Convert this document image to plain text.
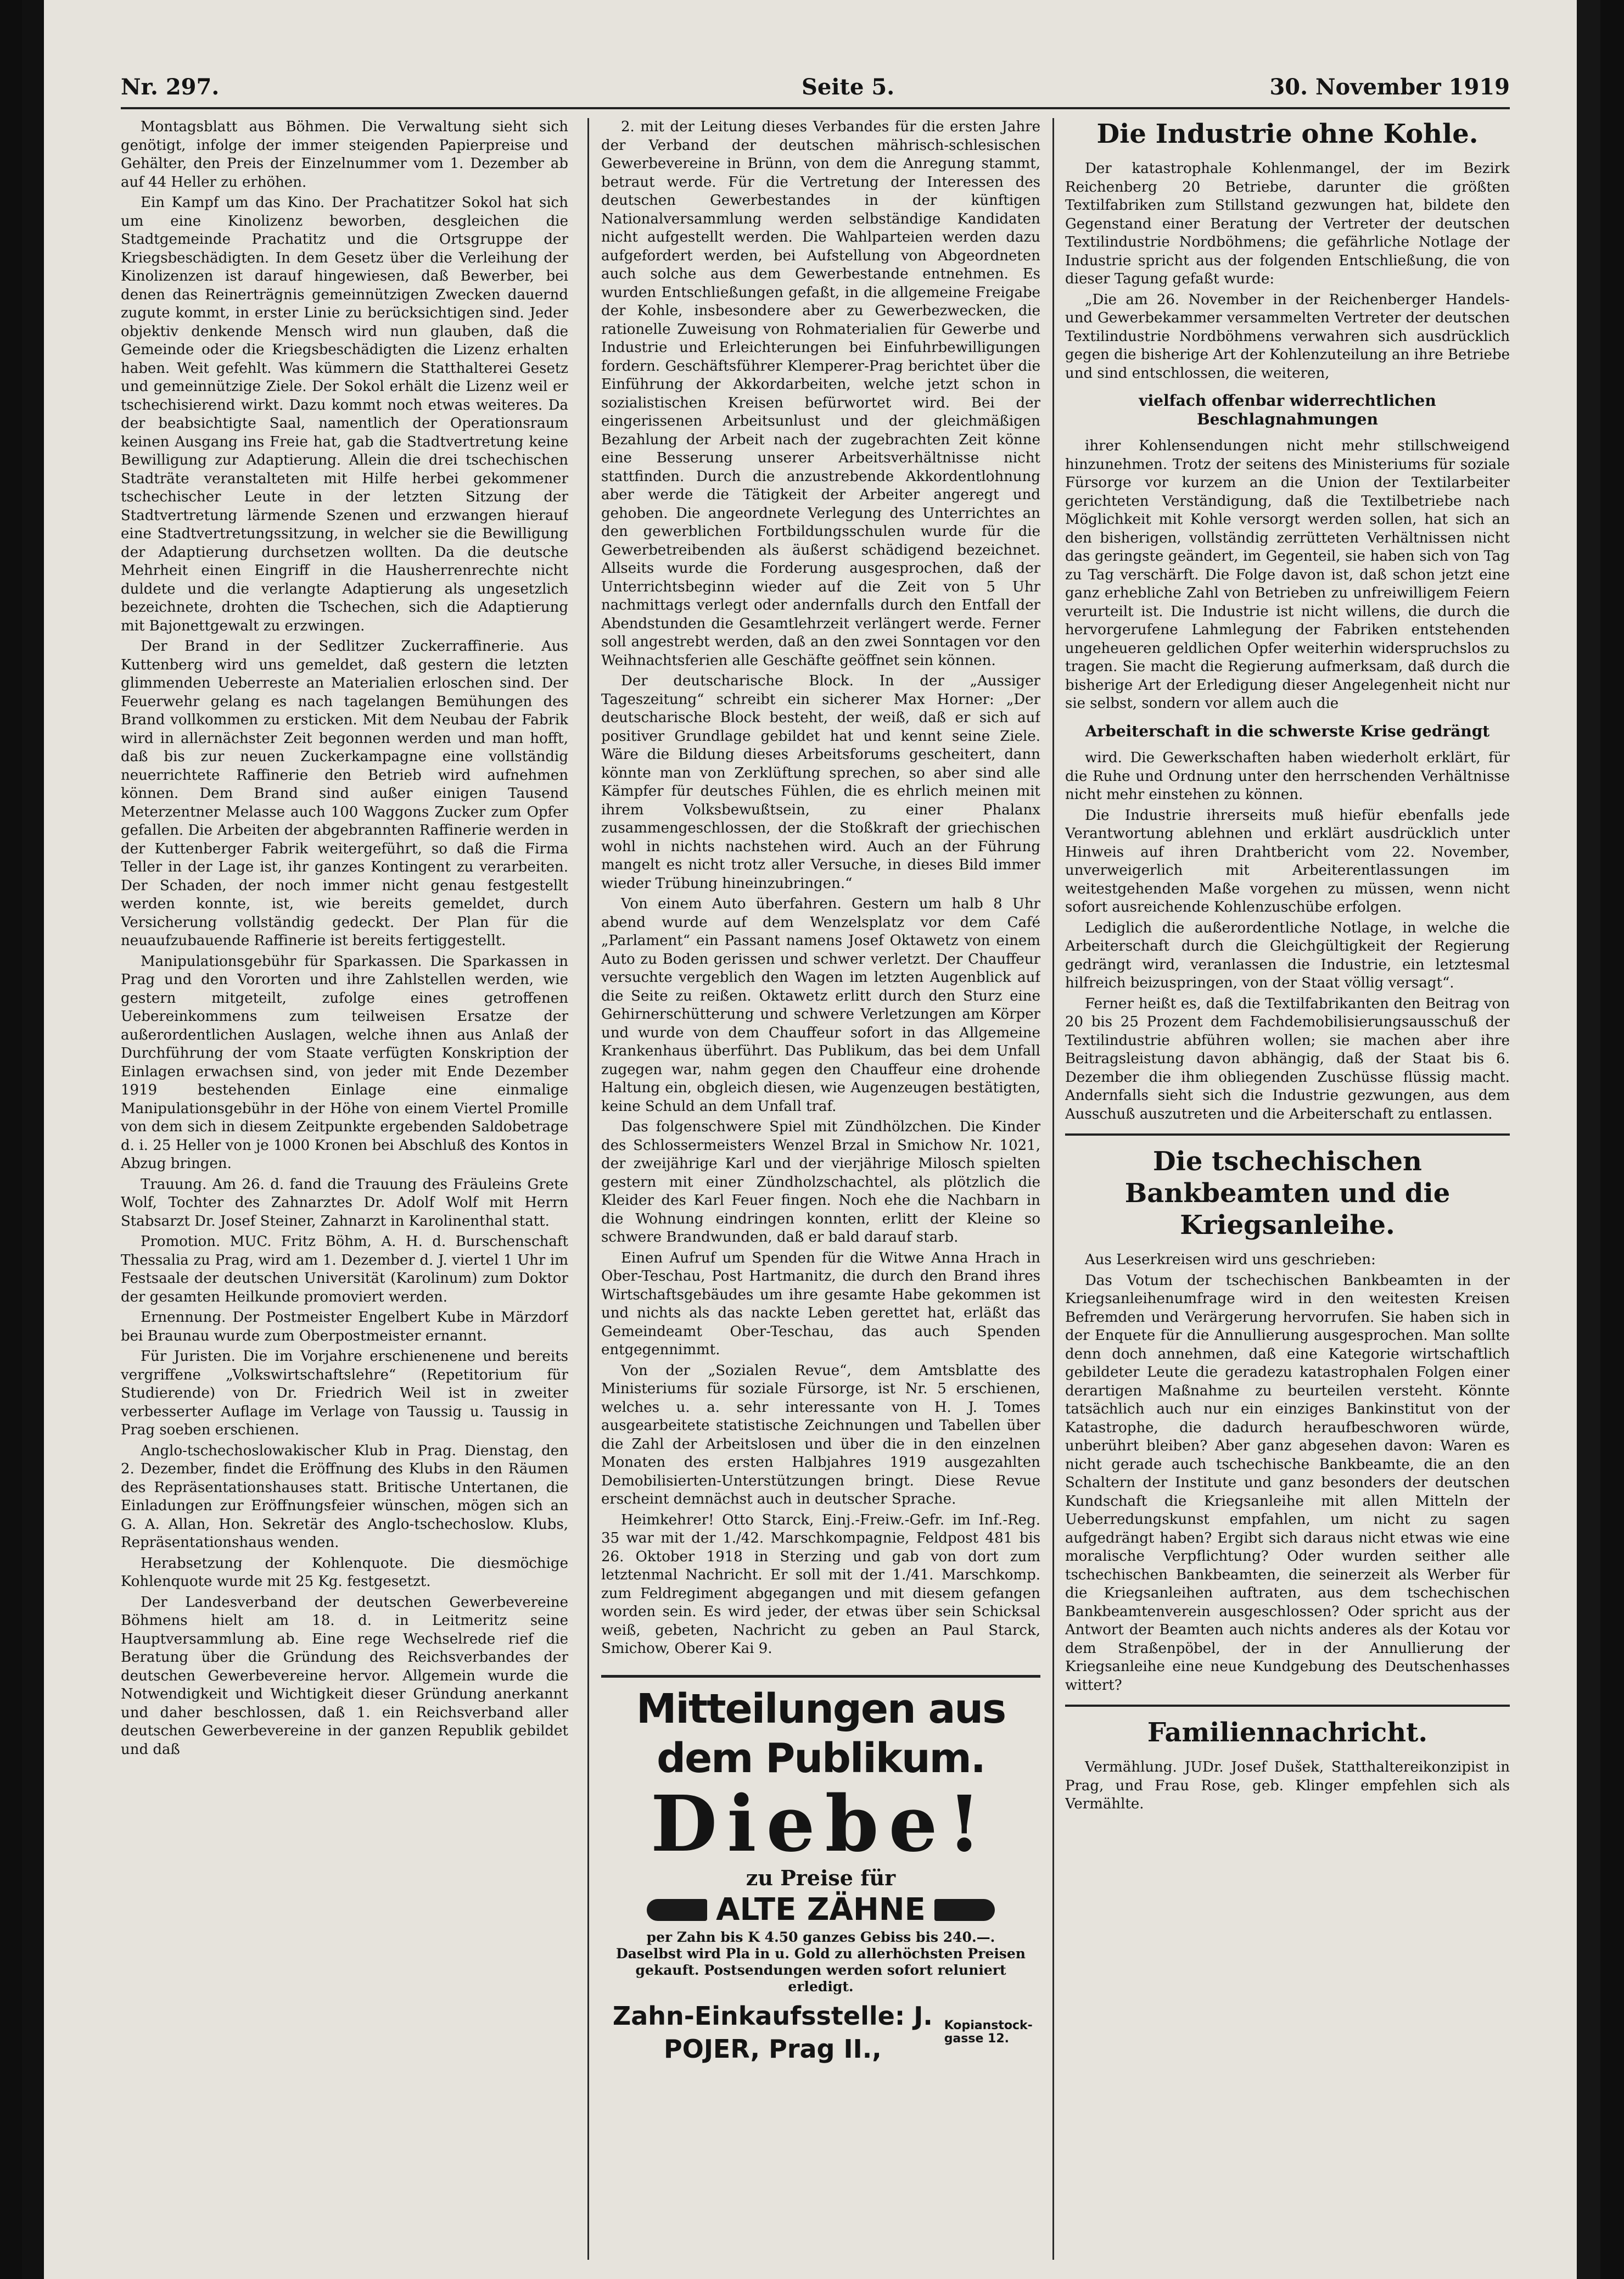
Nr. 297.	Seite 5.	30. November 1919

Montagsblatt aus Böhmen. Die Verwaltung sieht sich genötigt, infolge der immer steigenden Papierpreise und Gehälter, den Preis der Einzelnummer vom 1. Dezember ab auf 44 Heller zu erhöhen.

Ein Kampf um das Kino. Der Prachatitzer Sokol hat sich um eine Kinolizenz beworben, desgleichen die Stadtgemeinde Prachatitz und die Ortsgruppe der Kriegsbeschädigten. In dem Gesetz über die Verleihung der Kinolizenzen ist darauf hingewiesen, daß Bewerber, bei denen das Reinerträgnis gemeinnützigen Zwecken dauernd zugute kommt, in erster Linie zu berücksichtigen sind. Jeder objektiv denkende Mensch wird nun glauben, daß die Gemeinde oder die Kriegsbeschädigten die Lizenz erhalten haben. Weit gefehlt. Was kümmern die Statthalterei Gesetz und gemeinnützige Ziele. Der Sokol erhält die Lizenz weil er tschechisierend wirkt. Dazu kommt noch etwas weiteres. Da der beabsichtigte Saal, namentlich der Operationsraum keinen Ausgang ins Freie hat, gab die Stadtvertretung keine Bewilligung zur Adaptierung. Allein die drei tschechischen Stadträte veranstalteten mit Hilfe herbei gekommener tschechischer Leute in der letzten Sitzung der Stadtvertretung lärmende Szenen und erzwangen hierauf eine Stadtvertretungssitzung, in welcher sie die Bewilligung der Adaptierung durchsetzen wollten. Da die deutsche Mehrheit einen Eingriff in die Hausherrenrechte nicht duldete und die verlangte Adaptierung als ungesetzlich bezeichnete, drohten die Tschechen, sich die Adaptierung mit Bajonettgewalt zu erzwingen.

Der Brand in der Sedlitzer Zuckerraffinerie. Aus Kuttenberg wird uns gemeldet, daß gestern die letzten glimmenden Ueberreste an Materialien erloschen sind. Der Feuerwehr gelang es nach tagelangen Bemühungen des Brand vollkommen zu ersticken. Mit dem Neubau der Fabrik wird in allernächster Zeit begonnen werden und man hofft, daß bis zur neuen Zuckerkampagne eine vollständig neuerrichtete Raffinerie den Betrieb wird aufnehmen können. Dem Brand sind außer einigen Tausend Meterzentner Melasse auch 100 Waggons Zucker zum Opfer gefallen. Die Arbeiten der abgebrannten Raffinerie werden in der Kuttenberger Fabrik weitergeführt, so daß die Firma Teller in der Lage ist, ihr ganzes Kontingent zu verarbeiten. Der Schaden, der noch immer nicht genau festgestellt werden konnte, ist, wie bereits gemeldet, durch Versicherung vollständig gedeckt. Der Plan für die neuaufzubauende Raffinerie ist bereits fertiggestellt.

Manipulationsgebühr für Sparkassen. Die Sparkassen in Prag und den Vororten und ihre Zahlstellen werden, wie gestern mitgeteilt, zufolge eines getroffenen Uebereinkommens zum teilweisen Ersatze der außerordentlichen Auslagen, welche ihnen aus Anlaß der Durchführung der vom Staate verfügten Konskription der Einlagen erwachsen sind, von jeder mit Ende Dezember 1919 bestehenden Einlage eine einmalige Manipulationsgebühr in der Höhe von einem Viertel Promille von dem sich in diesem Zeitpunkte ergebenden Saldobetrage d. i. 25 Heller von je 1000 Kronen bei Abschluß des Kontos in Abzug bringen.

Trauung. Am 26. d. fand die Trauung des Fräuleins Grete Wolf, Tochter des Zahnarztes Dr. Adolf Wolf mit Herrn Stabsarzt Dr. Josef Steiner, Zahnarzt in Karolinenthal statt.

Promotion. MUC. Fritz Böhm, A. H. d. Burschenschaft Thessalia zu Prag, wird am 1. Dezember d. J. viertel 1 Uhr im Festsaale der deutschen Universität (Karolinum) zum Doktor der gesamten Heilkunde promoviert werden.

Ernennung. Der Postmeister Engelbert Kube in Märzdorf bei Braunau wurde zum Oberpostmeister ernannt.

Für Juristen. Die im Vorjahre erschienenene und bereits vergriffene „Volkswirtschaftslehre“ (Repetitorium für Studierende) von Dr. Friedrich Weil ist in zweiter verbesserter Auflage im Verlage von Taussig u. Taussig in Prag soeben erschienen.

Anglo-tschechoslowakischer Klub in Prag. Dienstag, den 2. Dezember, findet die Eröffnung des Klubs in den Räumen des Repräsentationshauses statt. Britische Untertanen, die Einladungen zur Eröffnungsfeier wünschen, mögen sich an G. A. Allan, Hon. Sekretär des Anglo-tschechoslow. Klubs, Repräsentationshaus wenden.

Herabsetzung der Kohlenquote. Die diesmöchige Kohlenquote wurde mit 25 Kg. festgesetzt.

Der Landesverband der deutschen Gewerbevereine Böhmens hielt am 18. d. in Leitmeritz seine Hauptversammlung ab. Eine rege Wechselrede rief die Beratung über die Gründung des Reichsverbandes der deutschen Gewerbevereine hervor. Allgemein wurde die Notwendigkeit und Wichtigkeit dieser Gründung anerkannt und daher beschlossen, daß 1. ein Reichsverband aller deutschen Gewerbevereine in der ganzen Republik gebildet und daß

2. mit der Leitung dieses Verbandes für die ersten Jahre der Verband der deutschen mährisch-schlesischen Gewerbevereine in Brünn, von dem die Anregung stammt, betraut werde. Für die Vertretung der Interessen des deutschen Gewerbestandes in der künftigen Nationalversammlung werden selbständige Kandidaten nicht aufgestellt werden. Die Wahlparteien werden dazu aufgefordert werden, bei Aufstellung von Abgeordneten auch solche aus dem Gewerbestande entnehmen. Es wurden Entschließungen gefaßt, in die allgemeine Freigabe der Kohle, insbesondere aber zu Gewerbezwecken, die rationelle Zuweisung von Rohmaterialien für Gewerbe und Industrie und Erleichterungen bei Einfuhrbewilligungen fordern. Geschäftsführer Klemperer-Prag berichtet über die Einführung der Akkordarbeiten, welche jetzt schon in sozialistischen Kreisen befürwortet wird. Bei der eingerissenen Arbeitsunlust und der gleichmäßigen Bezahlung der Arbeit nach der zugebrachten Zeit könne eine Besserung unserer Arbeitsverhältnisse nicht stattfinden. Durch die anzustrebende Akkordentlohnung aber werde die Tätigkeit der Arbeiter angeregt und gehoben. Die angeordnete Verlegung des Unterrichtes an den gewerblichen Fortbildungsschulen wurde für die Gewerbetreibenden als äußerst schädigend bezeichnet. Allseits wurde die Forderung ausgesprochen, daß der Unterrichtsbeginn wieder auf die Zeit von 5 Uhr nachmittags verlegt oder andernfalls durch den Entfall der Abendstunden die Gesamtlehrzeit verlängert werde. Ferner soll angestrebt werden, daß an den zwei Sonntagen vor den Weihnachtsferien alle Geschäfte geöffnet sein können.

Der deutscharische Block. In der „Aussiger Tageszeitung“ schreibt ein sicherer Max Horner: „Der deutscharische Block besteht, der weiß, daß er sich auf positiver Grundlage gebildet hat und kennt seine Ziele. Wäre die Bildung dieses Arbeitsforums gescheitert, dann könnte man von Zerklüftung sprechen, so aber sind alle Kämpfer für deutsches Fühlen, die es ehrlich meinen mit ihrem Volksbewußtsein, zu einer Phalanx zusammengeschlossen, der die Stoßkraft der griechischen wohl in nichts nachstehen wird. Auch an der Führung mangelt es nicht trotz aller Versuche, in dieses Bild immer wieder Trübung hineinzubringen.“

Von einem Auto überfahren. Gestern um halb 8 Uhr abend wurde auf dem Wenzelsplatz vor dem Café „Parlament“ ein Passant namens Josef Oktawetz von einem Auto zu Boden gerissen und schwer verletzt. Der Chauffeur versuchte vergeblich den Wagen im letzten Augenblick auf die Seite zu reißen. Oktawetz erlitt durch den Sturz eine Gehirnerschütterung und schwere Verletzungen am Körper und wurde von dem Chauffeur sofort in das Allgemeine Krankenhaus überführt. Das Publikum, das bei dem Unfall zugegen war, nahm gegen den Chauffeur eine drohende Haltung ein, obgleich diesen, wie Augenzeugen bestätigten, keine Schuld an dem Unfall traf.

Das folgenschwere Spiel mit Zündhölzchen. Die Kinder des Schlossermeisters Wenzel Brzal in Smichow Nr. 1021, der zweijährige Karl und der vierjährige Milosch spielten gestern mit einer Zündholzschachtel, als plötzlich die Kleider des Karl Feuer fingen. Noch ehe die Nachbarn in die Wohnung eindringen konnten, erlitt der Kleine so schwere Brandwunden, daß er bald darauf starb.

Einen Aufruf um Spenden für die Witwe Anna Hrach in Ober-Teschau, Post Hartmanitz, die durch den Brand ihres Wirtschaftsgebäudes um ihre gesamte Habe gekommen ist und nichts als das nackte Leben gerettet hat, erläßt das Gemeindeamt Ober-Teschau, das auch Spenden entgegennimmt.

Von der „Sozialen Revue“, dem Amtsblatte des Ministeriums für soziale Fürsorge, ist Nr. 5 erschienen, welches u. a. sehr interessante von H. J. Tomes ausgearbeitete statistische Zeichnungen und Tabellen über die Zahl der Arbeitslosen und über die in den einzelnen Monaten des ersten Halbjahres 1919 ausgezahlten Demobilisierten-Unterstützungen bringt. Diese Revue erscheint demnächst auch in deutscher Sprache.

Heimkehrer! Otto Starck, Einj.-Freiw.-Gefr. im Inf.-Reg. 35 war mit der 1./42. Marschkompagnie, Feldpost 481 bis 26. Oktober 1918 in Sterzing und gab von dort zum letztenmal Nachricht. Er soll mit der 1./41. Marschkomp. zum Feldregiment abgegangen und mit diesem gefangen worden sein. Es wird jeder, der etwas über sein Schicksal weiß, gebeten, Nachricht zu geben an Paul Starck, Smichow, Oberer Kai 9.

Mitteilungen aus dem Publikum.
Diebe!
zu Preise für
ALTE ZÄHNE
per Zahn bis K 4.50 ganzes Gebiss bis 240.—.
Daselbst wird Pla in u. Gold zu allerhöchsten Preisen gekauft. Postsendungen werden sofort reluniert erledigt.
Zahn-Einkaufsstelle: J. POJER, Prag II.,
Kopianstock-gasse 12.
Die Industrie ohne Kohle.

Der katastrophale Kohlenmangel, der im Bezirk Reichenberg 20 Betriebe, darunter die größten Textilfabriken zum Stillstand gezwungen hat, bildete den Gegenstand einer Beratung der Vertreter der deutschen Textilindustrie Nordböhmens; die gefährliche Notlage der Industrie spricht aus der folgenden Entschließung, die von dieser Tagung gefaßt wurde:

„Die am 26. November in der Reichenberger Handels- und Gewerbekammer versammelten Vertreter der deutschen Textilindustrie Nordböhmens verwahren sich ausdrücklich gegen die bisherige Art der Kohlenzuteilung an ihre Betriebe und sind entschlossen, die weiteren,

vielfach offenbar widerrechtlichen Beschlagnahmungen

ihrer Kohlensendungen nicht mehr stillschweigend hinzunehmen. Trotz der seitens des Ministeriums für soziale Fürsorge vor kurzem an die Union der Textilarbeiter gerichteten Verständigung, daß die Textilbetriebe nach Möglichkeit mit Kohle versorgt werden sollen, hat sich an den bisherigen, vollständig zerrütteten Verhältnissen nicht das geringste geändert, im Gegenteil, sie haben sich von Tag zu Tag verschärft. Die Folge davon ist, daß schon jetzt eine ganz erhebliche Zahl von Betrieben zu unfreiwilligem Feiern verurteilt ist. Die Industrie ist nicht willens, die durch die hervorgerufene Lahmlegung der Fabriken entstehenden ungeheueren geldlichen Opfer weiterhin widerspruchslos zu tragen. Sie macht die Regierung aufmerksam, daß durch die bisherige Art der Erledigung dieser Angelegenheit nicht nur sie selbst, sondern vor allem auch die

Arbeiterschaft in die schwerste Krise gedrängt

wird. Die Gewerkschaften haben wiederholt erklärt, für die Ruhe und Ordnung unter den herrschenden Verhältnisse nicht mehr einstehen zu können.

Die Industrie ihrerseits muß hiefür ebenfalls jede Verantwortung ablehnen und erklärt ausdrücklich unter Hinweis auf ihren Drahtbericht vom 22. November, unverweigerlich mit Arbeiterentlassungen im weitestgehenden Maße vorgehen zu müssen, wenn nicht sofort ausreichende Kohlenzuschübe erfolgen.

Lediglich die außerordentliche Notlage, in welche die Arbeiterschaft durch die Gleichgültigkeit der Regierung gedrängt wird, veranlassen die Industrie, ein letztesmal hilfreich beizuspringen, von der Staat völlig versagt“.

Ferner heißt es, daß die Textilfabrikanten den Beitrag von 20 bis 25 Prozent dem Fachdemobilisierungsausschuß der Textilindustrie abführen wollen; sie machen aber ihre Beitragsleistung davon abhängig, daß der Staat bis 6. Dezember die ihm obliegenden Zuschüsse flüssig macht. Andernfalls sieht sich die Industrie gezwungen, aus dem Ausschuß auszutreten und die Arbeiterschaft zu entlassen.

Die tschechischen Bankbeamten und die Kriegsanleihe.

Aus Leserkreisen wird uns geschrieben:

Das Votum der tschechischen Bankbeamten in der Kriegsanleihenumfrage wird in den weitesten Kreisen Befremden und Verärgerung hervorrufen. Sie haben sich in der Enquete für die Annullierung ausgesprochen. Man sollte denn doch annehmen, daß eine Kategorie wirtschaftlich gebildeter Leute die geradezu katastrophalen Folgen einer derartigen Maßnahme zu beurteilen versteht. Könnte tatsächlich auch nur ein einziges Bankinstitut von der Katastrophe, die dadurch heraufbeschworen würde, unberührt bleiben? Aber ganz abgesehen davon: Waren es nicht gerade auch tschechische Bankbeamte, die an den Schaltern der Institute und ganz besonders der deutschen Kundschaft die Kriegsanleihe mit allen Mitteln der Ueberredungskunst empfahlen, um nicht zu sagen aufgedrängt haben? Ergibt sich daraus nicht etwas wie eine moralische Verpflichtung? Oder wurden seither alle tschechischen Bankbeamten, die seinerzeit als Werber für die Kriegsanleihen auftraten, aus dem tschechischen Bankbeamtenverein ausgeschlossen? Oder spricht aus der Antwort der Beamten auch nichts anderes als der Kotau vor dem Straßenpöbel, der in der Annullierung der Kriegsanleihe eine neue Kundgebung des Deutschenhasses wittert?

Familiennachricht.

Vermählung. JUDr. Josef Dušek, Statthaltereikonzipist in Prag, und Frau Rose, geb. Klinger empfehlen sich als Vermählte.
